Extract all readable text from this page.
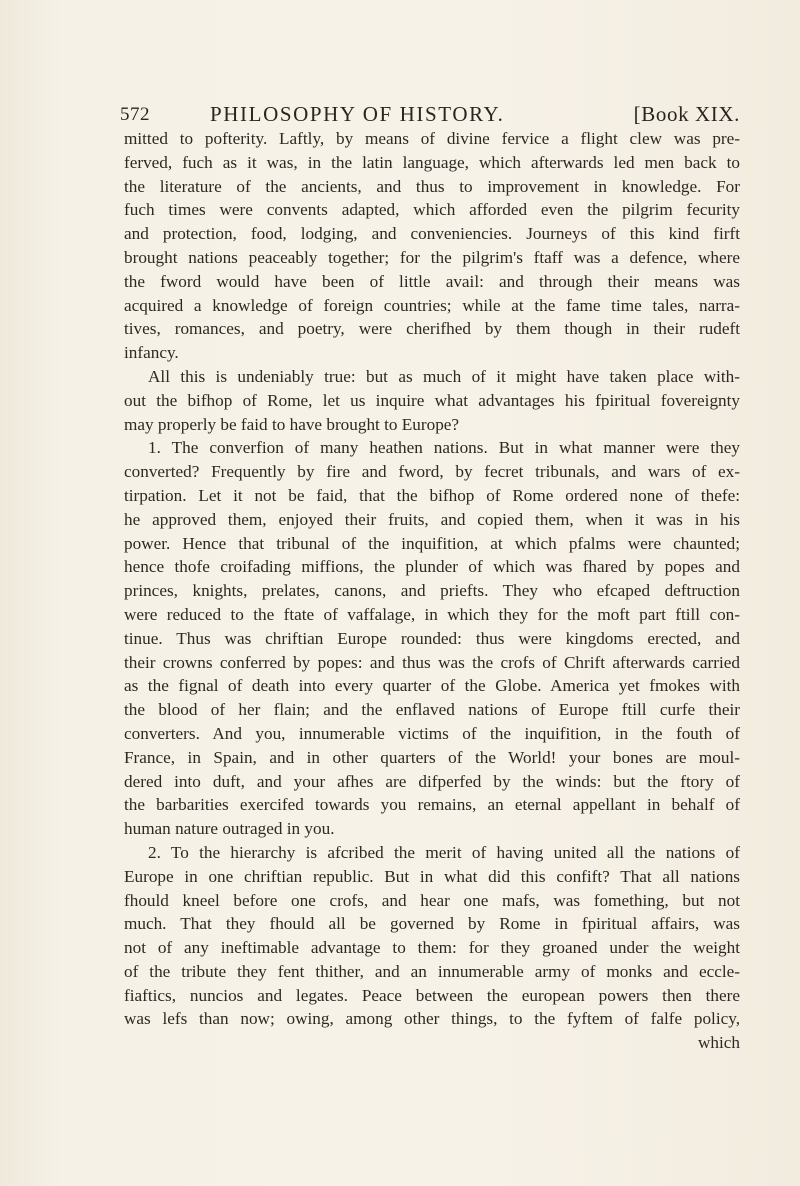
572	PHILOSOPHY OF HISTORY.	[Book XIX.
mitted to pofterity. Laftly, by means of divine fervice a flight clew was pre-
ferved, fuch as it was, in the latin language, which afterwards led men back to
the literature of the ancients, and thus to improvement in knowledge. For
fuch times were convents adapted, which afforded even the pilgrim fecurity
and protection, food, lodging, and conveniencies. Journeys of this kind firft
brought nations peaceably together; for the pilgrim's ftaff was a defence, where
the fword would have been of little avail: and through their means was
acquired a knowledge of foreign countries; while at the fame time tales, narra-
tives, romances, and poetry, were cherifhed by them though in their rudeft
infancy.
All this is undeniably true: but as much of it might have taken place with-
out the bifhop of Rome, let us inquire what advantages his fpiritual fovereignty
may properly be faid to have brought to Europe?
1. The converfion of many heathen nations. But in what manner were they
converted? Frequently by fire and fword, by fecret tribunals, and wars of ex-
tirpation. Let it not be faid, that the bifhop of Rome ordered none of thefe:
he approved them, enjoyed their fruits, and copied them, when it was in his
power. Hence that tribunal of the inquifition, at which pfalms were chaunted;
hence thofe croifading miffions, the plunder of which was fhared by popes and
princes, knights, prelates, canons, and priefts. They who efcaped deftruction
were reduced to the ftate of vaffalage, in which they for the moft part ftill con-
tinue. Thus was chriftian Europe rounded: thus were kingdoms erected, and
their crowns conferred by popes: and thus was the crofs of Chrift afterwards carried
as the fignal of death into every quarter of the Globe. America yet fmokes with
the blood of her flain; and the enflaved nations of Europe ftill curfe their
converters. And you, innumerable victims of the inquifition, in the fouth of
France, in Spain, and in other quarters of the World! your bones are moul-
dered into duft, and your afhes are difperfed by the winds: but the ftory of
the barbarities exercifed towards you remains, an eternal appellant in behalf of
human nature outraged in you.
2. To the hierarchy is afcribed the merit of having united all the nations of
Europe in one chriftian republic. But in what did this confift? That all nations
fhould kneel before one crofs, and hear one mafs, was fomething, but not
much. That they fhould all be governed by Rome in fpiritual affairs, was
not of any ineftimable advantage to them: for they groaned under the weight
of the tribute they fent thither, and an innumerable army of monks and eccle-
fiaftics, nuncios and legates. Peace between the european powers then there
was lefs than now; owing, among other things, to the fyftem of falfe policy,
which
